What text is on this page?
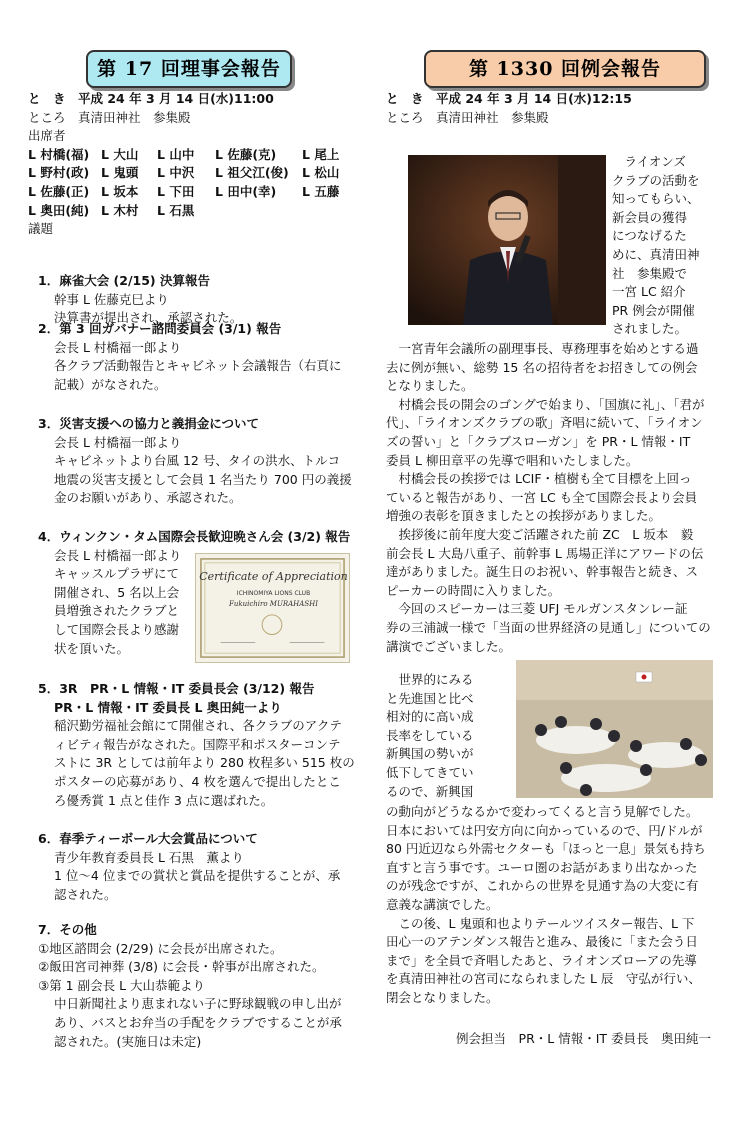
第 17 回理事会報告	第 1330 回例会報告
と　き　平成 24 年 3 月 14 日(水)11:00
ところ　真清田神社　参集殿
出席者
L 村橋(福) L 大山	L 山中	L 佐藤(克)	L 尾上
L 野村(政) L 鬼頭	L 中沢	L 祖父江(俊)	L 松山
L 佐藤(正) L 坂本	L 下田	L 田中(幸)	L 五藤
L 奥田(純) L 木村	L 石黒
議題
1．麻雀大会 (2/15) 決算報告
幹事 L 佐藤克巳より
決算書が提出され、承認された。
2．第 3 回ガバナー諮問委員会 (3/1) 報告
会長 L 村橋福一郎より
各クラブ活動報告とキャビネット会議報告（右頁に
記載）がなされた。
3．災害支援への協力と義捐金について
会長 L 村橋福一郎より
キャビネットより台風 12 号、タイの洪水、トルコ
地震の災害支援として会員 1 名当たり 700 円の義援
金のお願いがあり、承認された。
4．ウィンクン・タム国際会長歓迎晩さん会 (3/2) 報告
会長 L 村橋福一郎より
キャッスルプラザにて
開催され、5 名以上会
員増強されたクラブと
して国際会長より感謝
状を頂いた。
Certificate of Appreciation
ICHINOMIYA LIONS CLUB
Fukuichiro MURAHASHI
5．3R　PR・L 情報・IT 委員長会 (3/12) 報告
PR・L 情報・IT 委員長 L 奥田純一より
稲沢勤労福祉会館にて開催され、各クラブのアクテ
ィビティ報告がなされた。国際平和ポスターコンテ
ストに 3R としては前年より 280 枚程多い 515 枚の
ポスターの応募があり、4 枚を選んで提出したとこ
ろ優秀賞 1 点と佳作 3 点に選ばれた。
6．春季ティーボール大会賞品について
青少年教育委員長 L 石黒　薫より
1 位～4 位までの賞状と賞品を提供することが、承
認された。
7．その他
①地区諮問会 (2/29) に会長が出席された。
②飯田宮司神葬 (3/8) に会長・幹事が出席された。
③第 1 副会長 L 大山恭範より
中日新聞社より恵まれない子に野球観戦の申し出が
あり、バスとお弁当の手配をクラブですることが承
認された。(実施日は未定)
と　き　平成 24 年 3 月 14 日(水)12:15
ところ　真清田神社　参集殿
　ライオンズ
クラブの活動を
知ってもらい、
新会員の獲得
につなげるた
めに、真清田神
社　参集殿で
一宮 LC 紹介
PR 例会が開催
されました。
　一宮青年会議所の副理事長、専務理事を始めとする過
去に例が無い、総勢 15 名の招待者をお招きしての例会
となりました。
　村橋会長の開会のゴングで始まり、「国旗に礼」、「君が
代」、「ライオンズクラブの歌」斉唱に続いて、「ライオン
ズの誓い」と「クラブスローガン」を PR・L 情報・IT
委員 L 柳田章平の先導で唱和いたしました。
　村橋会長の挨拶では LCIF・植樹も全て目標を上回っ
ていると報告があり、一宮 LC も全て国際会長より会員
増強の表彰を頂きましたとの挨拶がありました。
　挨拶後に前年度大変ご活躍された前 ZC　L 坂本　毅
前会長 L 大島八重子、前幹事 L 馬場正洋にアワードの伝
達がありました。誕生日のお祝い、幹事報告と続き、ス
ピーカーの時間に入りました。
　今回のスピーカーは三菱 UFJ モルガンスタンレー証
券の三浦誠一様で「当面の世界経済の見通し」についての
講演でございました。
　世界的にみる
と先進国と比べ
相対的に高い成
長率をしている
新興国の勢いが
低下してきてい
るので、新興国
の動向がどうなるかで変わってくると言う見解でした。
日本においては円安方向に向かっているので、円/ドルが
80 円近辺なら外需セクターも「ほっと一息」景気も持ち
直すと言う事です。ユーロ圏のお話があまり出なかった
のが残念ですが、これからの世界を見通す為の大変に有
意義な講演でした。
　この後、L 鬼頭和也よりテールツイスター報告、L 下
田心一のアテンダンス報告と進み、最後に「また会う日
まで」を全員で斉唱したあと、ライオンズローアの先導
を真清田神社の宮司になられました L 辰　守弘が行い、
閉会となりました。
例会担当　PR・L 情報・IT 委員長　奥田純一
